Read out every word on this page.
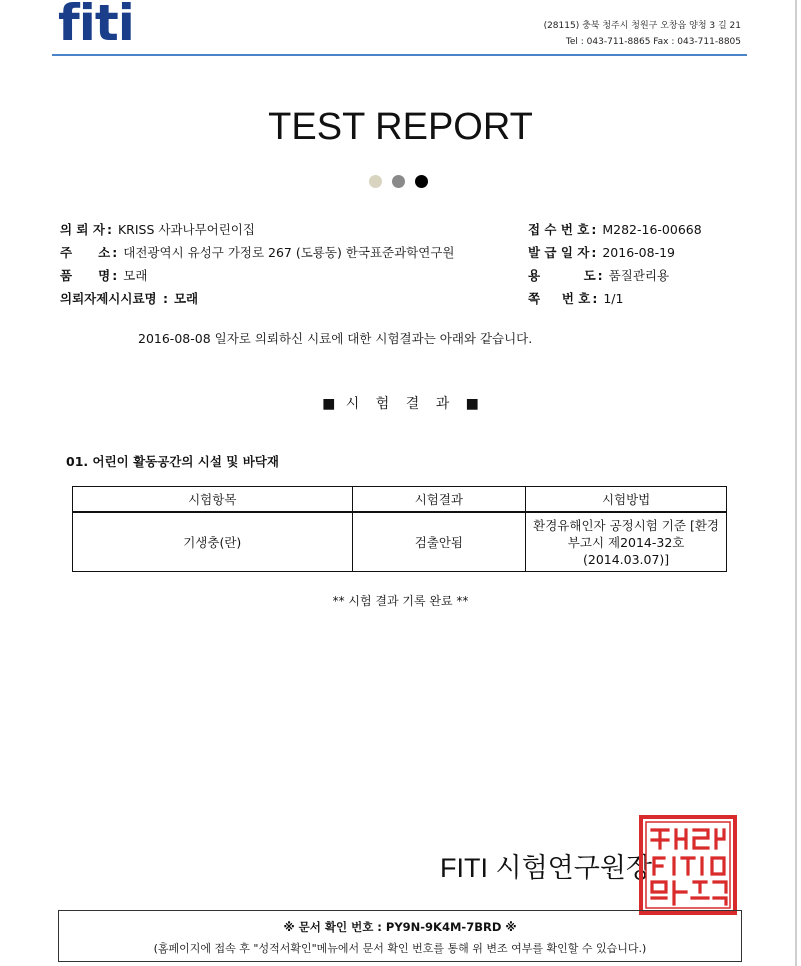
fiti	(28115) 충북 청주시 청원구 오창읍 양청 3 길 21
Tel : 043-711-8865 Fax : 043-711-8805
TEST REPORT
의 뢰 자 : KRISS 사과나무어린이집
주      소 : 대전광역시 유성구 가정로 267 (도룡동) 한국표준과학연구원
품      명 : 모래
의뢰자제시시료명 : 모래
접 수 번 호 : M282-16-00668
발 급 일 자 : 2016-08-19
용          도 : 품질관리용
쪽     번 호 : 1/1
2016-08-08 일자로 의뢰하신 시료에 대한 시험결과는 아래와 같습니다.
■ 시 험 결 과 ■
01. 어린이 활동공간의 시설 및 바닥재
시험항목	시험결과	시험방법
기생충(란)	검출안됨	환경유해인자 공정시험 기준 [환경부고시 제2014-32호 (2014.03.07)]
** 시험 결과 기록 완료 **
FITI 시험연구원장
※ 문서 확인 번호 : PY9N-9K4M-7BRD ※
(홈페이지에 접속 후 "성적서확인"메뉴에서 문서 확인 번호를 통해 위 변조 여부를 확인할 수 있습니다.)
